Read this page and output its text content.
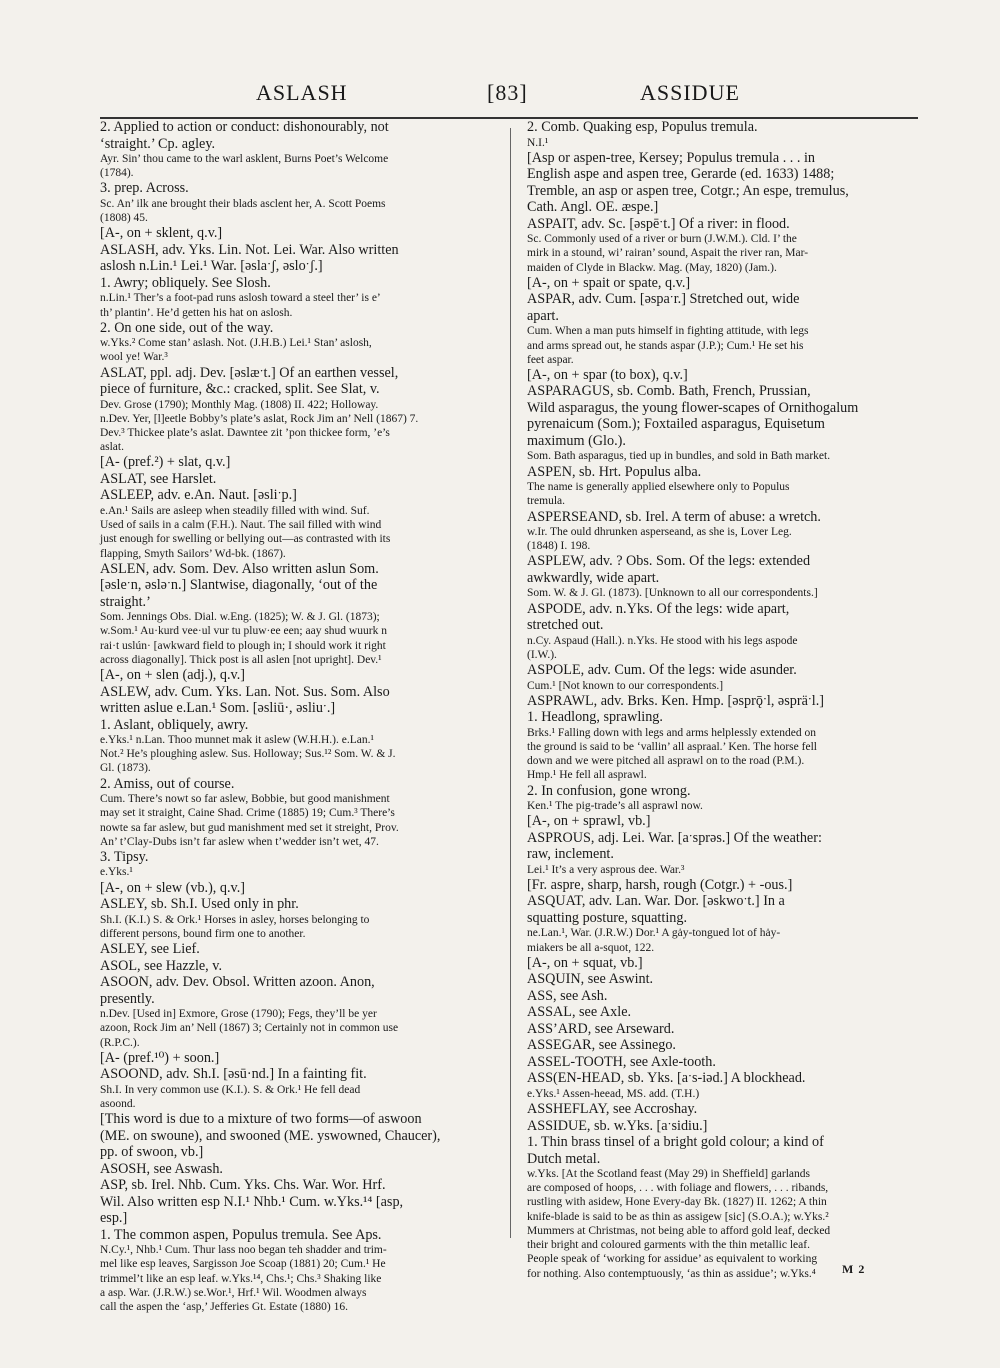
ASLASH	[83]	ASSIDUE
2. Applied to action or conduct: dishonourably, not
‘straight.’ Cp. agley.
Ayr. Sin’ thou came to the warl asklent, Burns Poet’s Welcome
(1784).
3. prep. Across.
Sc. An’ ilk ane brought their blads asclent her, A. Scott Poems
(1808) 45.
[A-, on + sklent, q.v.]
ASLASH, adv. Yks. Lin. Not. Lei. War. Also written
aslosh n.Lin.¹ Lei.¹ War. [əslaˑʃ, əsloˑʃ.]
1. Awry; obliquely. See Slosh.
n.Lin.¹ Ther’s a foot-pad runs aslosh toward a steel ther’ is e’
th’ plantin’. He’d getten his hat on aslosh.
2. On one side, out of the way.
w.Yks.² Come stan’ aslash. Not. (J.H.B.) Lei.¹ Stan’ aslosh,
wool ye! War.³
ASLAT, ppl. adj. Dev. [əslæˑt.] Of an earthen vessel,
piece of furniture, &c.: cracked, split. See Slat, v.
Dev. Grose (1790); Monthly Mag. (1808) II. 422; Holloway.
n.Dev. Yer, [l]eetle Bobby’s plate’s aslat, Rock Jim an’ Nell (1867) 7.
Dev.³ Thickee plate’s aslat. Dawntee zit ’pon thickee form, ’e’s
aslat.
[A- (pref.²) + slat, q.v.]
ASLAT, see Harslet.
ASLEEP, adv. e.An. Naut. [əsliˑp.]
e.An.¹ Sails are asleep when steadily filled with wind. Suf.
Used of sails in a calm (F.H.). Naut. The sail filled with wind
just enough for swelling or bellying out—as contrasted with its
flapping, Smyth Sailors’ Wd-bk. (1867).
ASLEN, adv. Som. Dev. Also written aslun Som.
[əsleˑn, əsləˑn.] Slantwise, diagonally, ‘out of the
straight.’
Som. Jennings Obs. Dial. w.Eng. (1825); W. & J. Gl. (1873);
w.Som.¹ Au·kurd vee·ul vur tu pluw·ee een; aay shud wuurk n
rai·t uslún· [awkward field to plough in; I should work it right
across diagonally]. Thick post is all aslen [not upright]. Dev.¹
[A-, on + slen (adj.), q.v.]
ASLEW, adv. Cum. Yks. Lan. Not. Sus. Som. Also
written aslue e.Lan.¹ Som. [əsliū·, əsliuˑ.]
1. Aslant, obliquely, awry.
e.Yks.¹ n.Lan. Thoo munnet mak it aslew (W.H.H.). e.Lan.¹
Not.² He’s ploughing aslew. Sus. Holloway; Sus.¹² Som. W. & J.
Gl. (1873).
2. Amiss, out of course.
Cum. There’s nowt so far aslew, Bobbie, but good manishment
may set it straight, Caine Shad. Crime (1885) 19; Cum.³ There’s
nowte sa far aslew, but gud manishment med set it streight, Prov.
An’ t’Clay-Dubs isn’t far aslew when t’wedder isn’t wet, 47.
3. Tipsy.
e.Yks.¹
[A-, on + slew (vb.), q.v.]
ASLEY, sb. Sh.I. Used only in phr.
Sh.I. (K.I.) S. & Ork.¹ Horses in asley, horses belonging to
different persons, bound firm one to another.
ASLEY, see Lief.
ASOL, see Hazzle, v.
ASOON, adv. Dev. Obsol. Written azoon. Anon,
presently.
n.Dev. [Used in] Exmore, Grose (1790); Fegs, they’ll be yer
azoon, Rock Jim an’ Nell (1867) 3; Certainly not in common use
(R.P.C.).
[A- (pref.¹⁰) + soon.]
ASOOND, adv. Sh.I. [əsū·nd.] In a fainting fit.
Sh.I. In very common use (K.I.). S. & Ork.¹ He fell dead
asoond.
[This word is due to a mixture of two forms—of aswoon
(ME. on swoune), and swooned (ME. yswowned, Chaucer),
pp. of swoon, vb.]
ASOSH, see Aswash.
ASP, sb. Irel. Nhb. Cum. Yks. Chs. War. Wor. Hrf.
Wil. Also written esp N.I.¹ Nhb.¹ Cum. w.Yks.¹⁴ [asp,
esp.]
1. The common aspen, Populus tremula. See Aps.
N.Cy.¹, Nhb.¹ Cum. Thur lass noo began teh shadder and trim-
mel like esp leaves, Sargisson Joe Scoap (1881) 20; Cum.¹ He
trimmel’t like an esp leaf. w.Yks.¹⁴, Chs.¹; Chs.³ Shaking like
a asp. War. (J.R.W.) se.Wor.¹, Hrf.¹ Wil. Woodmen always
call the aspen the ‘asp,’ Jefferies Gt. Estate (1880) 16.
2. Comb. Quaking esp, Populus tremula.
N.I.¹
[Asp or aspen-tree, Kersey; Populus tremula . . . in
English aspe and aspen tree, Gerarde (ed. 1633) 1488;
Tremble, an asp or aspen tree, Cotgr.; An espe, tremulus,
Cath. Angl. OE. æspe.]
ASPAIT, adv. Sc. [əspēˑt.] Of a river: in flood.
Sc. Commonly used of a river or burn (J.W.M.). Cld. I’ the
mirk in a stound, wi’ rairan’ sound, Aspait the river ran, Mar-
maiden of Clyde in Blackw. Mag. (May, 1820) (Jam.).
[A-, on + spait or spate, q.v.]
ASPAR, adv. Cum. [əspaˑr.] Stretched out, wide
apart.
Cum. When a man puts himself in fighting attitude, with legs
and arms spread out, he stands aspar (J.P.); Cum.¹ He set his
feet aspar.
[A-, on + spar (to box), q.v.]
ASPARAGUS, sb. Comb. Bath, French, Prussian,
Wild asparagus, the young flower-scapes of Ornithogalum
pyrenaicum (Som.); Foxtailed asparagus, Equisetum
maximum (Glo.).
Som. Bath asparagus, tied up in bundles, and sold in Bath market.
ASPEN, sb. Hrt. Populus alba.
The name is generally applied elsewhere only to Populus
tremula.
ASPERSEAND, sb. Irel. A term of abuse: a wretch.
w.Ir. The ould dhrunken asperseand, as she is, Lover Leg.
(1848) I. 198.
ASPLEW, adv. ? Obs. Som. Of the legs: extended
awkwardly, wide apart.
Som. W. & J. Gl. (1873). [Unknown to all our correspondents.]
ASPODE, adv. n.Yks. Of the legs: wide apart,
stretched out.
n.Cy. Aspaud (Hall.). n.Yks. He stood with his legs aspode
(I.W.).
ASPOLE, adv. Cum. Of the legs: wide asunder.
Cum.¹ [Not known to our correspondents.]
ASPRAWL, adv. Brks. Ken. Hmp. [əsprǭˑl, əspräˑl.]
1. Headlong, sprawling.
Brks.¹ Falling down with legs and arms helplessly extended on
the ground is said to be ‘vallin’ all aspraal.’ Ken. The horse fell
down and we were pitched all asprawl on to the road (P.M.).
Hmp.¹ He fell all asprawl.
2. In confusion, gone wrong.
Ken.¹ The pig-trade’s all asprawl now.
[A-, on + sprawl, vb.]
ASPROUS, adj. Lei. War. [aˑsprəs.] Of the weather:
raw, inclement.
Lei.¹ It’s a very asprous dee. War.³
[Fr. aspre, sharp, harsh, rough (Cotgr.) + -ous.]
ASQUAT, adv. Lan. War. Dor. [əskwoˑt.] In a
squatting posture, squatting.
ne.Lan.¹, War. (J.R.W.) Dor.¹ A gȧy-tongued lot of hȧy-
miakers be all a-squot, 122.
[A-, on + squat, vb.]
ASQUIN, see Aswint.
ASS, see Ash.
ASSAL, see Axle.
ASS’ARD, see Arseward.
ASSEGAR, see Assinego.
ASSEL-TOOTH, see Axle-tooth.
ASS(EN-HEAD, sb. Yks. [aˑs-iəd.] A blockhead.
e.Yks.¹ Assen-heead, MS. add. (T.H.)
ASSHEFLAY, see Accroshay.
ASSIDUE, sb. w.Yks. [aˑsidiu.]
1. Thin brass tinsel of a bright gold colour; a kind of
Dutch metal.
w.Yks. [At the Scotland feast (May 29) in Sheffield] garlands
are composed of hoops, . . . with foliage and flowers, . . . ribands,
rustling with asidew, Hone Every-day Bk. (1827) II. 1262; A thin
knife-blade is said to be as thin as assigew [sic] (S.O.A.); w.Yks.²
Mummers at Christmas, not being able to afford gold leaf, decked
their bright and coloured garments with the thin metallic leaf.
People speak of ‘working for assidue’ as equivalent to working
for nothing. Also contemptuously, ‘as thin as assidue’; w.Yks.⁴	M 2
